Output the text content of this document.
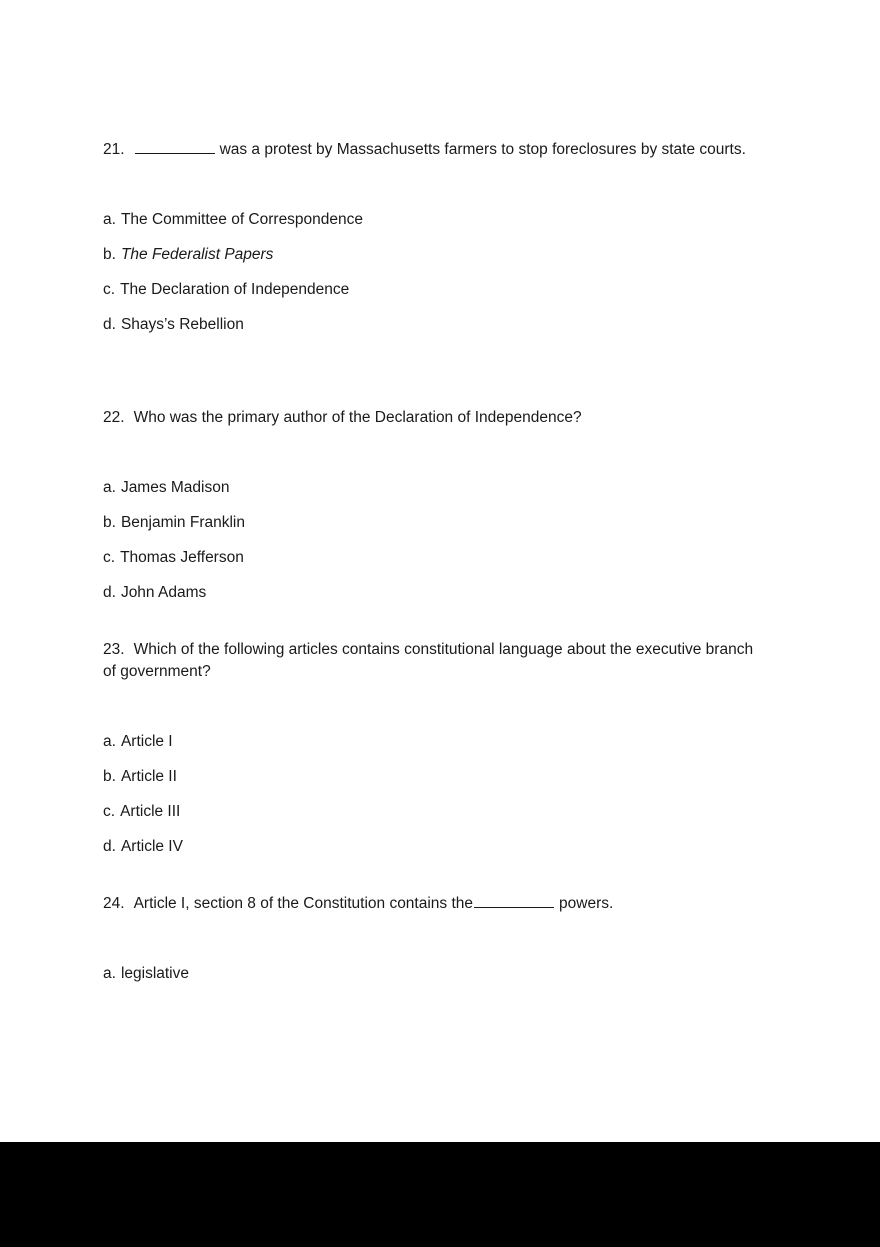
21.	was a protest by Massachusetts farmers to stop foreclosures by state courts.

a. The Committee of Correspondence
b. The Federalist Papers
c. The Declaration of Independence
d. Shays’s Rebellion

22. Who was the primary author of the Declaration of Independence?

a. James Madison
b. Benjamin Franklin
c. Thomas Jefferson
d. John Adams

23. Which of the following articles contains constitutional language about the executive branch of government?

a. Article I
b. Article II
c. Article III
d. Article IV

24. Article I, section 8 of the Constitution contains the	powers.

a. legislative
